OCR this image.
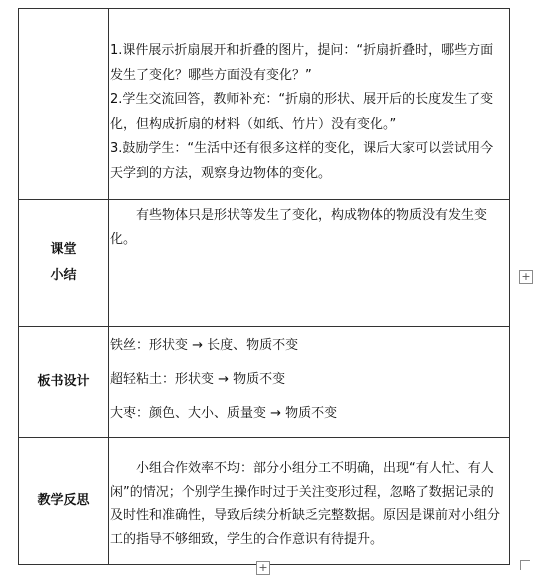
	1.课件展示折扇展开和折叠的图片，提问：“折扇折叠时，哪些方面发生了变化？哪些方面没有变化？”

2.学生交流回答，教师补充：“折扇的形状、展开后的长度发生了变化，但构成折扇的材料（如纸、竹片）没有变化。”

3.鼓励学生：“生活中还有很多这样的变化，课后大家可以尝试用今天学到的方法，观察身边物体的变化。

课堂
小结	有些物体只是形状等发生了变化，构成物体的物质没有发生变化。

板书设计	铁丝：形状变 → 长度、物质不变

超轻粘土：形状变 → 物质不变

大枣：颜色、大小、质量变 → 物质不变

教学反思	小组合作效率不均：部分小组分工不明确，出现“有人忙、有人闲”的情况；个别学生操作时过于关注变形过程，忽略了数据记录的及时性和准确性，导致后续分析缺乏完整数据。原因是课前对小组分工的指导不够细致，学生的合作意识有待提升。

+
+
